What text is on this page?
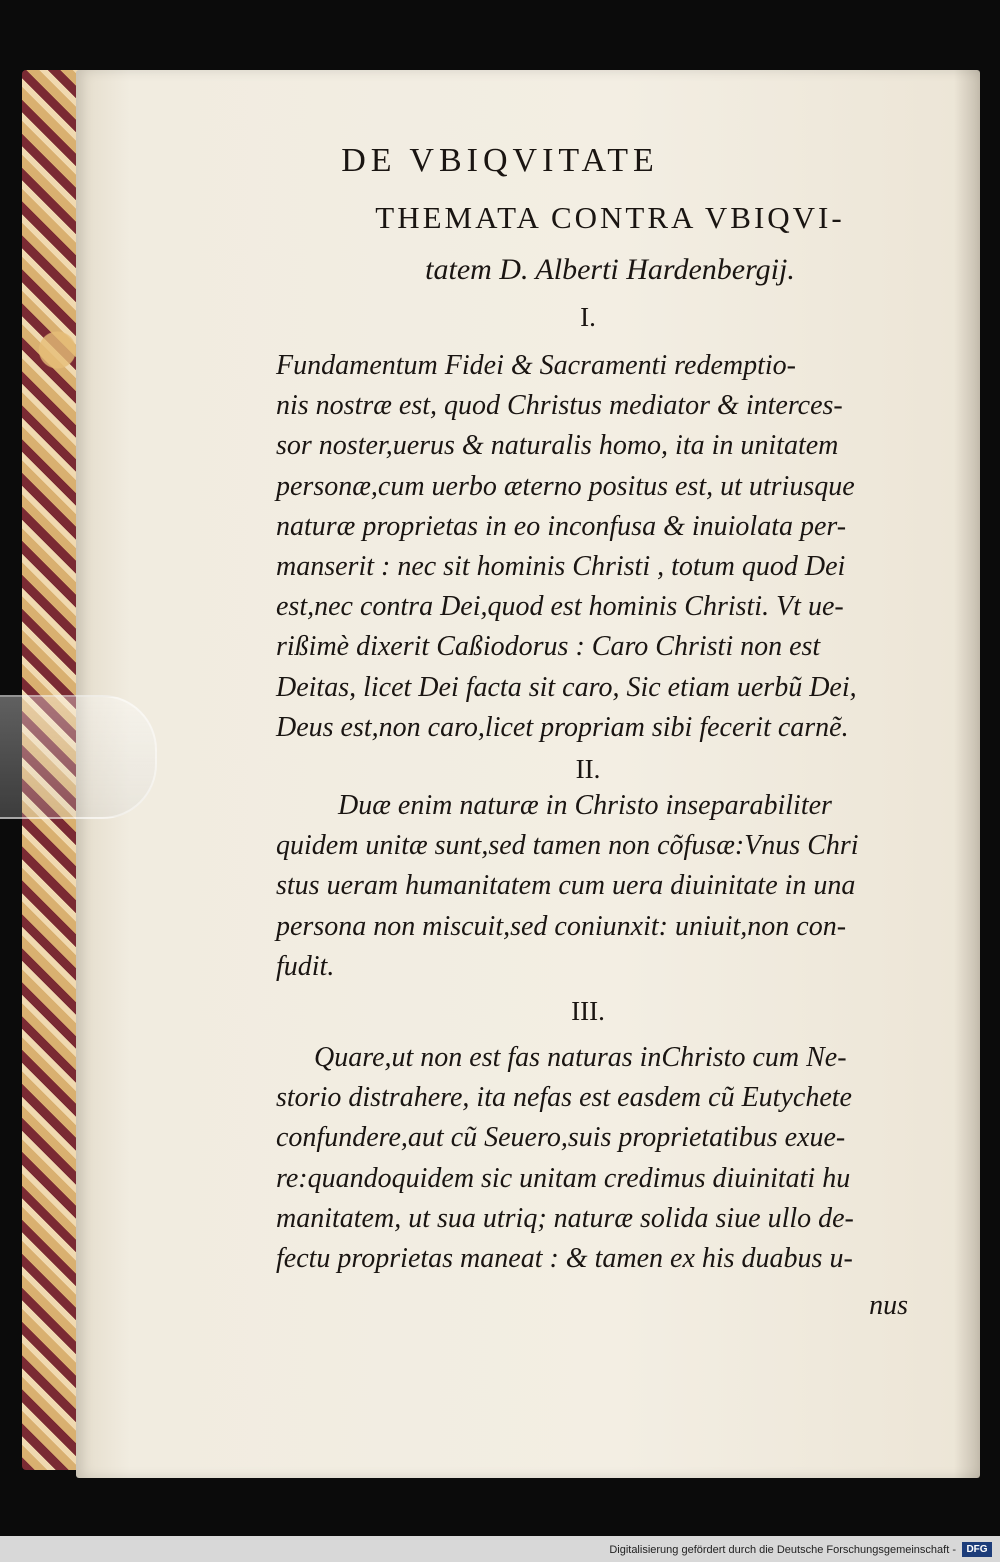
DE VBIQVITATE
THEMATA CONTRA VBIQVI-
tatem D. Alberti Hardenbergij.
I.
Fundamentum Fidei & Sacramenti redemptio-
nis nostræ est, quod Christus mediator & interces-
sor noster,uerus & naturalis homo, ita in unitatem
personæ,cum uerbo æterno positus est, ut utriusque
naturæ proprietas in eo inconfusa & inuiolata per-
manserit : nec sit hominis Christi , totum quod Dei
est,nec contra Dei,quod est hominis Christi. Vt ue-
rißimè dixerit Caßiodorus : Caro Christi non est
Deitas, licet Dei facta sit caro, Sic etiam uerbũ Dei,
Deus est,non caro,licet propriam sibi fecerit carnẽ.
II.
Duæ enim naturæ in Christo inseparabiliter
quidem unitæ sunt,sed tamen non cõfusæ:Vnus Chri
stus ueram humanitatem cum uera diuinitate in una
persona non miscuit,sed coniunxit: uniuit,non con-
fudit.
III.
Quare,ut non est fas naturas inChristo cum Ne-
storio distrahere, ita nefas est easdem cũ Eutychete
confundere,aut cũ Seuero,suis proprietatibus exue-
re:quandoquidem sic unitam credimus diuinitati hu
manitatem, ut sua utriq; naturæ solida siue ullo de-
fectu proprietas maneat : & tamen ex his duabus u-
nus
Digitalisierung gefördert durch die Deutsche Forschungsgemeinschaft -	DFG
